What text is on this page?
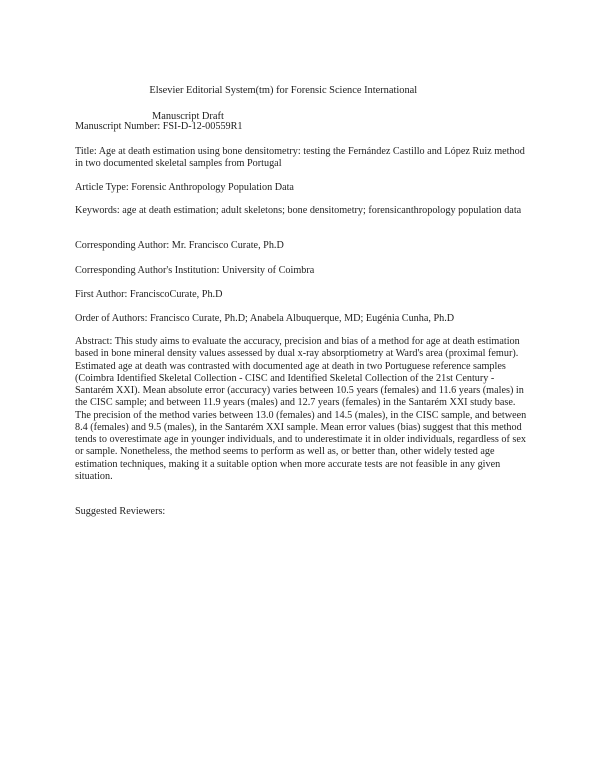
Elsevier Editorial System(tm) for Forensic Science International

Manuscript Draft

Manuscript Number: FSI-D-12-00559R1
Title: Age at death estimation using bone densitometry: testing the Fernández Castillo and López Ruiz method in two documented skeletal samples from Portugal
Article Type: Forensic Anthropology Population Data
Keywords: age at death estimation; adult skeletons; bone densitometry; forensicanthropology population data
Corresponding Author: Mr. Francisco Curate, Ph.D
Corresponding Author's Institution: University of Coimbra
First Author: FranciscoCurate, Ph.D
Order of Authors: Francisco Curate, Ph.D; Anabela Albuquerque, MD; Eugénia Cunha, Ph.D
Abstract: This study aims to evaluate the accuracy, precision and bias of a method for age at death estimation based in bone mineral density values assessed by dual x-ray absorptiometry at Ward's area (proximal femur). Estimated age at death was contrasted with documented age at death in two Portuguese reference samples (Coimbra Identified Skeletal Collection - CISC and Identified Skeletal Collection of the 21st Century - Santarém XXI). Mean absolute error (accuracy) varies between 10.5 years (females) and 11.6 years (males) in the CISC sample; and between 11.9 years (males) and 12.7 years (females) in the Santarém XXI study base. The precision of the method varies between 13.0 (females) and 14.5 (males), in the CISC sample, and between 8.4 (females) and 9.5 (males), in the Santarém XXI sample. Mean error values (bias) suggest that this method tends to overestimate age in younger individuals, and to underestimate it in older individuals, regardless of sex or sample. Nonetheless, the method seems to perform as well as, or better than, other widely tested age estimation techniques, making it a suitable option when more accurate tests are not feasible in any given situation.
Suggested Reviewers:
